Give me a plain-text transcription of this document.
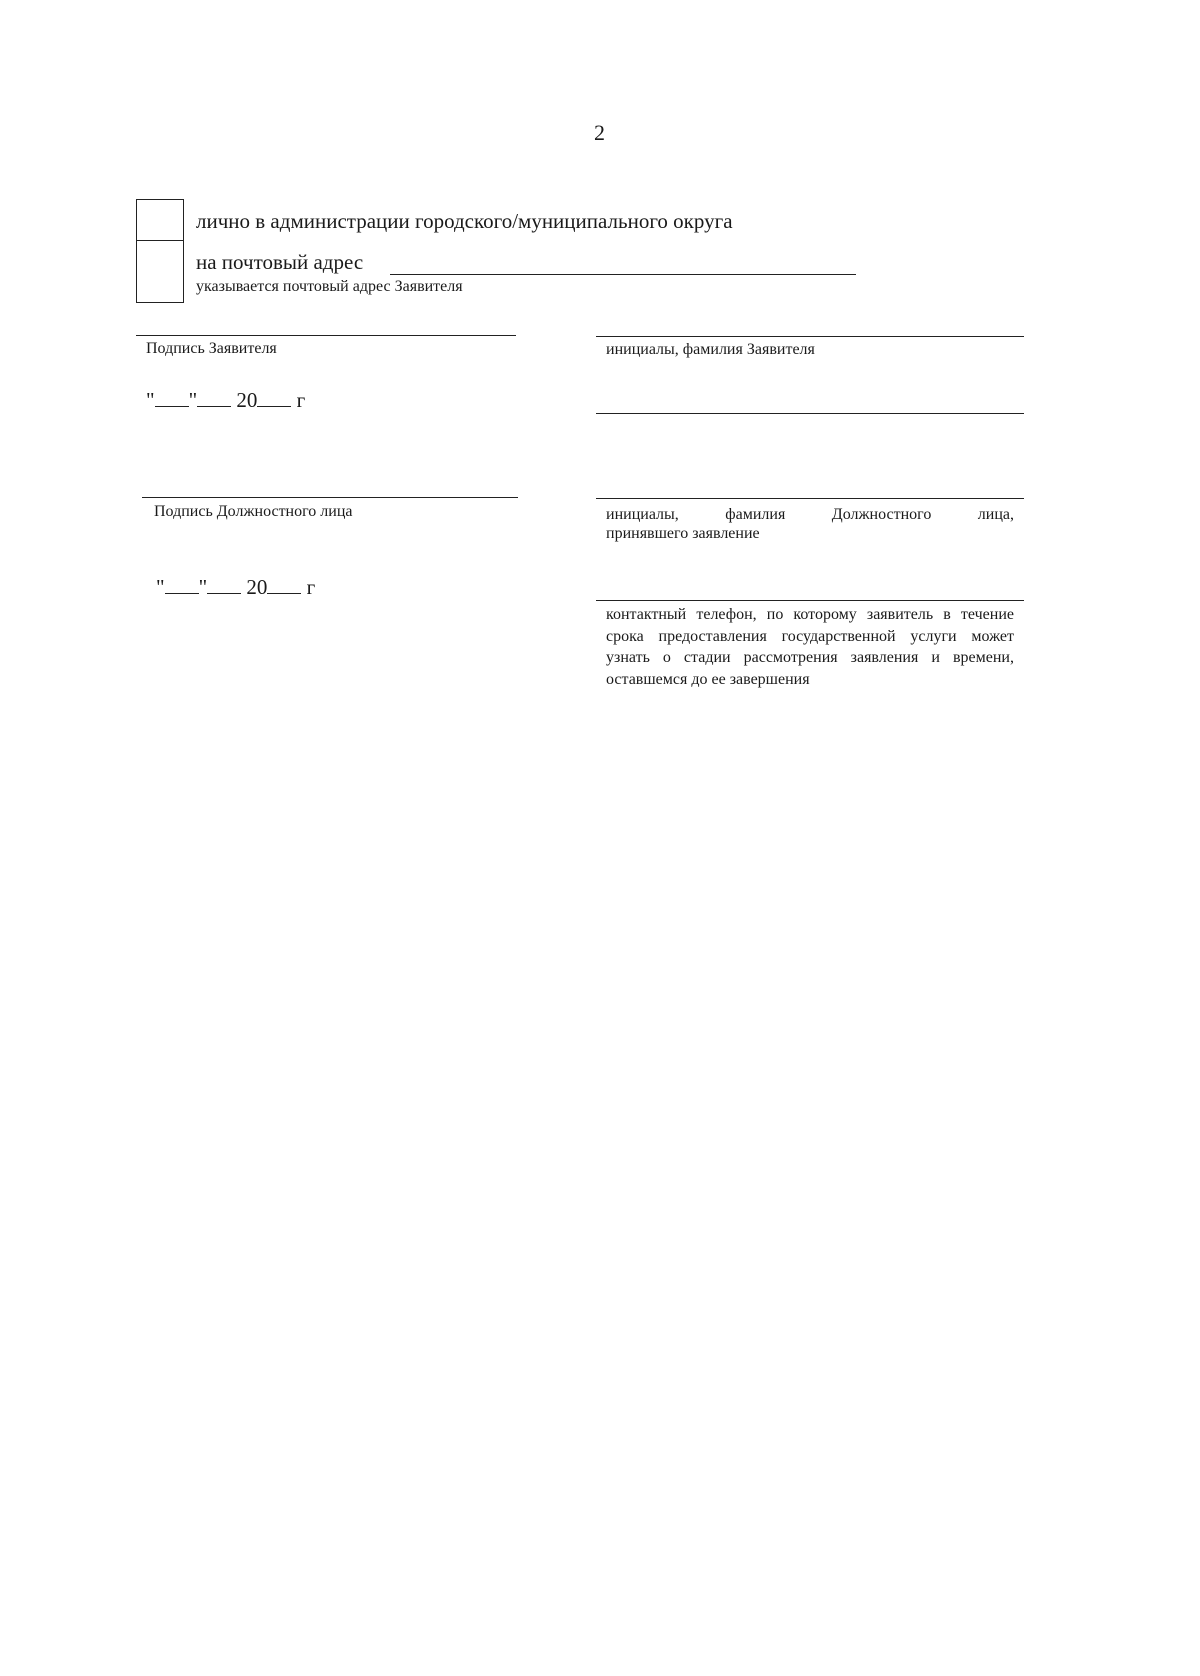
2
лично в администрации городского/муниципального округа
на почтовый адрес
указывается почтовый адрес Заявителя
Подпись Заявителя	инициалы, фамилия Заявителя
" " 20 г
Подпись Должностного лица	инициалы, фамилия Должностного лица,
принявшего заявление
" " 20 г
контактный телефон, по которому заявитель в течение срока предоставления государственной услуги может узнать о стадии рассмотрения заявления и времени, оставшемся до ее завершения
